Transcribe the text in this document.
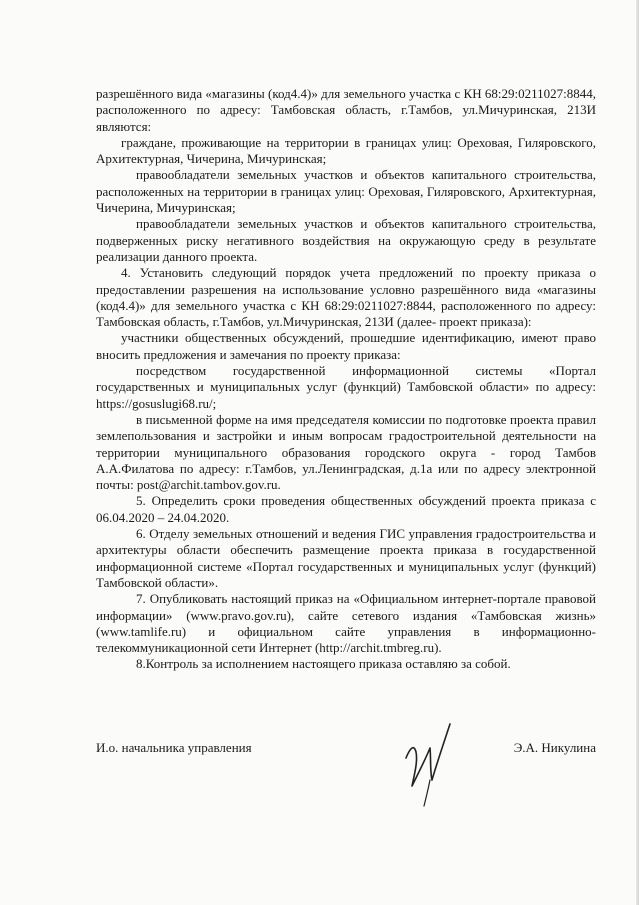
разрешённого вида «магазины (код4.4)» для земельного участка с КН 68:29:0211027:8844, расположенного по адресу: Тамбовская область, г.Тамбов, ул.Мичуринская, 213И являются:

граждане, проживающие на территории в границах улиц: Ореховая, Гиляровского, Архитектурная, Чичерина, Мичуринская;

правообладатели земельных участков и объектов капитального строительства, расположенных на территории в границах улиц: Ореховая, Гиляровского, Архитектурная, Чичерина, Мичуринская;

правообладатели земельных участков и объектов капитального строительства, подверженных риску негативного воздействия на окружающую среду в результате реализации данного проекта.

4. Установить следующий порядок учета предложений по проекту приказа о предоставлении разрешения на использование условно разрешённого вида «магазины (код4.4)» для земельного участка с КН 68:29:0211027:8844, расположенного по адресу: Тамбовская область, г.Тамбов, ул.Мичуринская, 213И (далее- проект приказа):

участники общественных обсуждений, прошедшие идентификацию, имеют право вносить предложения и замечания по проекту приказа:

посредством государственной информационной системы «Портал государственных и муниципальных услуг (функций) Тамбовской области» по адресу: https://gosuslugi68.ru/;

в письменной форме на имя председателя комиссии по подготовке проекта правил землепользования и застройки и иным вопросам градостроительной деятельности на территории муниципального образования городского округа - город Тамбов А.А.Филатова по адресу: г.Тамбов, ул.Ленинградская, д.1а или по адресу электронной почты: post@archit.tambov.gov.ru.

5. Определить сроки проведения общественных обсуждений проекта приказа с 06.04.2020 – 24.04.2020.

6. Отделу земельных отношений и ведения ГИС управления градостроительства и архитектуры области обеспечить размещение проекта приказа в государственной информационной системе «Портал государственных и муниципальных услуг (функций) Тамбовской области».

7. Опубликовать настоящий приказ на «Официальном интернет-портале правовой информации» (www.pravo.gov.ru), сайте сетевого издания «Тамбовская жизнь» (www.tamlife.ru) и официальном сайте управления в информационно-телекоммуникационной сети Интернет (http://archit.tmbreg.ru).

8.Контроль за исполнением настоящего приказа оставляю за собой.

И.о. начальника управления	Э.А. Никулина
